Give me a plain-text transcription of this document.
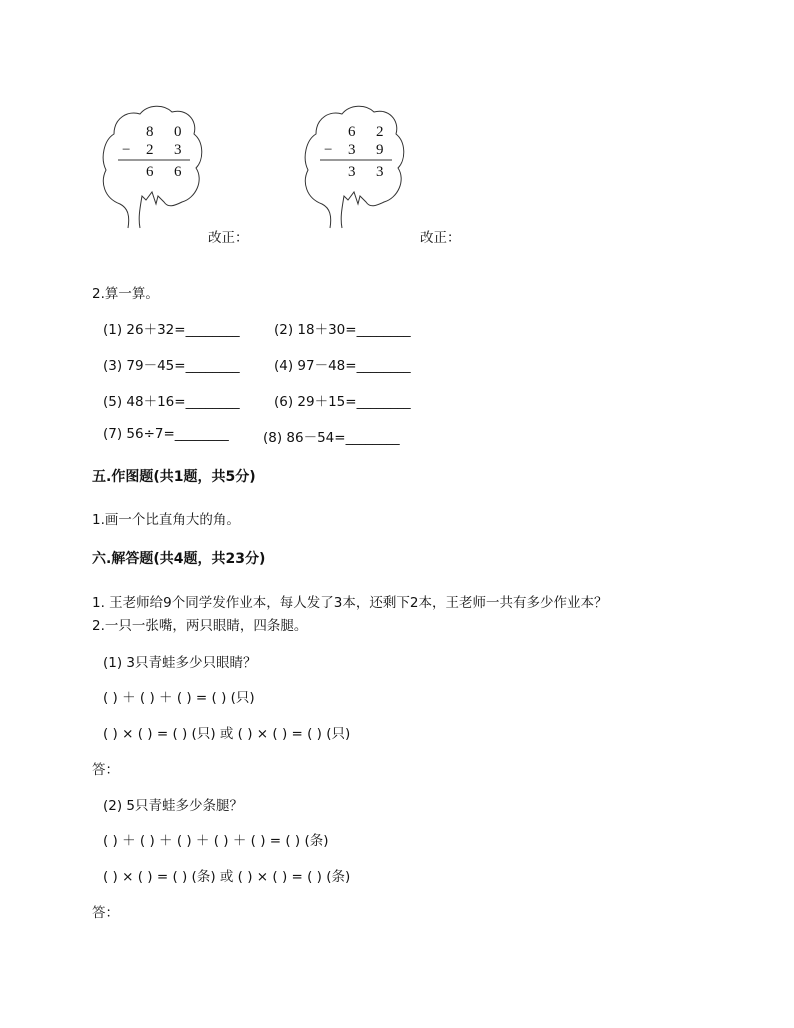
8 0
− 2 3
6 6
改正：
6 2
− 3 9
3 3
改正：
2.算一算。
(1) 26＋32=________	(2) 18＋30=________
(3) 79－45=________	(4) 97－48=________
(5) 48＋16=________	(6) 29＋15=________
(7) 56÷7=________	(8) 86－54=________
五.作图题(共1题，共5分)
1.画一个比直角大的角。
六.解答题(共4题，共23分)
1. 王老师给9个同学发作业本，每人发了3本，还剩下2本，王老师一共有多少作业本？
2.一只一张嘴，两只眼睛，四条腿。
(1) 3只青蛙多少只眼睛？
( ) ＋ ( ) ＋ ( ) = ( ) (只)
( ) × ( ) = ( ) (只) 或 ( ) × ( ) = ( ) (只)
答：
(2) 5只青蛙多少条腿？
( ) ＋ ( ) ＋ ( ) ＋ ( ) ＋ ( ) = ( ) (条)
( ) × ( ) = ( ) (条) 或 ( ) × ( ) = ( ) (条)
答：
